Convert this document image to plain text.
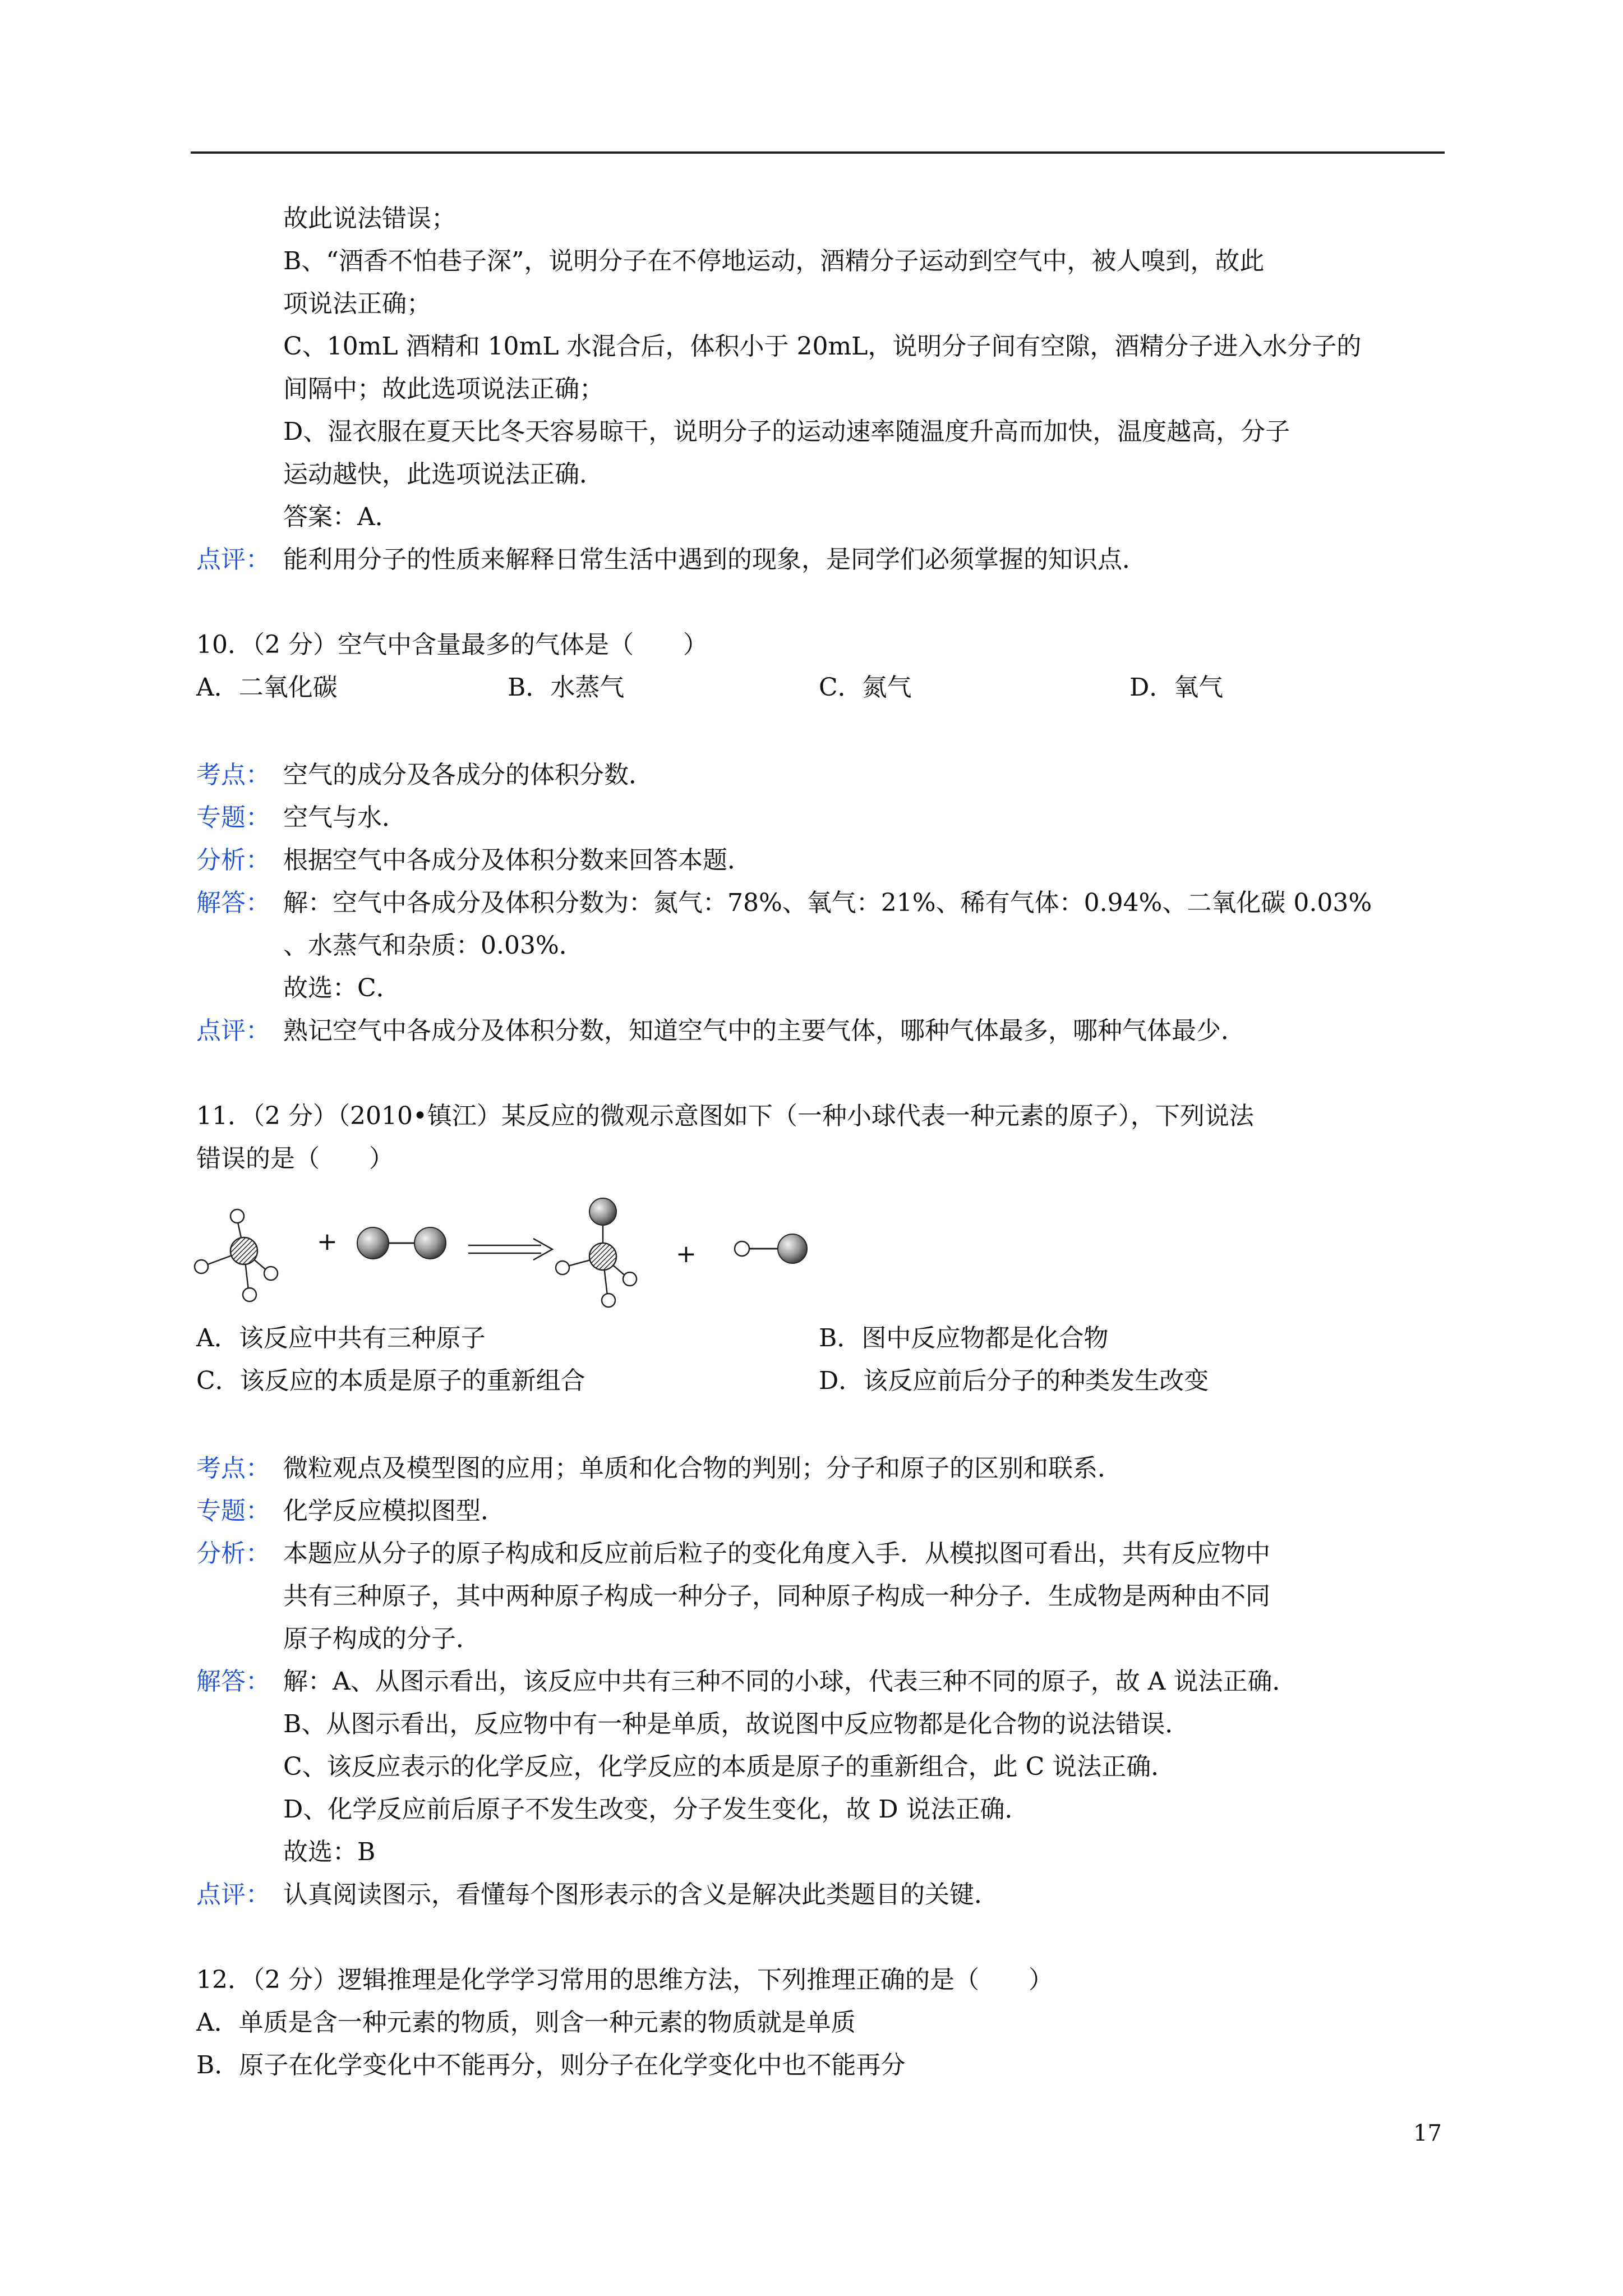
故此说法错误；
B、“酒香不怕巷子深”，说明分子在不停地运动，酒精分子运动到空气中，被人嗅到，故此
项说法正确；
C、10mL 酒精和 10mL 水混合后，体积小于 20mL，说明分子间有空隙，酒精分子进入水分子的
间隔中；故此选项说法正确；
D、湿衣服在夏天比冬天容易晾干，说明分子的运动速率随温度升高而加快，温度越高，分子
运动越快，此选项说法正确．
答案：A．
点评： 能利用分子的性质来解释日常生活中遇到的现象，是同学们必须掌握的知识点．
10．（2 分）空气中含量最多的气体是（　　）
A．二氧化碳	B．水蒸气	C．氮气	D．氧气
考点： 空气的成分及各成分的体积分数．
专题： 空气与水．
分析： 根据空气中各成分及体积分数来回答本题．
解答： 解：空气中各成分及体积分数为：氮气：78%、氧气：21%、稀有气体：0.94%、二氧化碳 0.03%
、水蒸气和杂质：0.03%．
故选：C．
点评： 熟记空气中各成分及体积分数，知道空气中的主要气体，哪种气体最多，哪种气体最少．
11．（2 分）（2010•镇江）某反应的微观示意图如下（一种小球代表一种元素的原子），下列说法
错误的是（　　）
+	+
A．该反应中共有三种原子	B．图中反应物都是化合物
C．该反应的本质是原子的重新组合	D．该反应前后分子的种类发生改变
考点： 微粒观点及模型图的应用；单质和化合物的判别；分子和原子的区别和联系．
专题： 化学反应模拟图型．
分析： 本题应从分子的原子构成和反应前后粒子的变化角度入手．从模拟图可看出，共有反应物中
共有三种原子，其中两种原子构成一种分子，同种原子构成一种分子．生成物是两种由不同
原子构成的分子．
解答： 解：A、从图示看出，该反应中共有三种不同的小球，代表三种不同的原子，故 A 说法正确．
B、从图示看出，反应物中有一种是单质，故说图中反应物都是化合物的说法错误．
C、该反应表示的化学反应，化学反应的本质是原子的重新组合，此 C 说法正确．
D、化学反应前后原子不发生改变，分子发生变化，故 D 说法正确．
故选：B
点评： 认真阅读图示，看懂每个图形表示的含义是解决此类题目的关键．
12．（2 分）逻辑推理是化学学习常用的思维方法，下列推理正确的是（　　）
A．单质是含一种元素的物质，则含一种元素的物质就是单质
B．原子在化学变化中不能再分，则分子在化学变化中也不能再分
17
